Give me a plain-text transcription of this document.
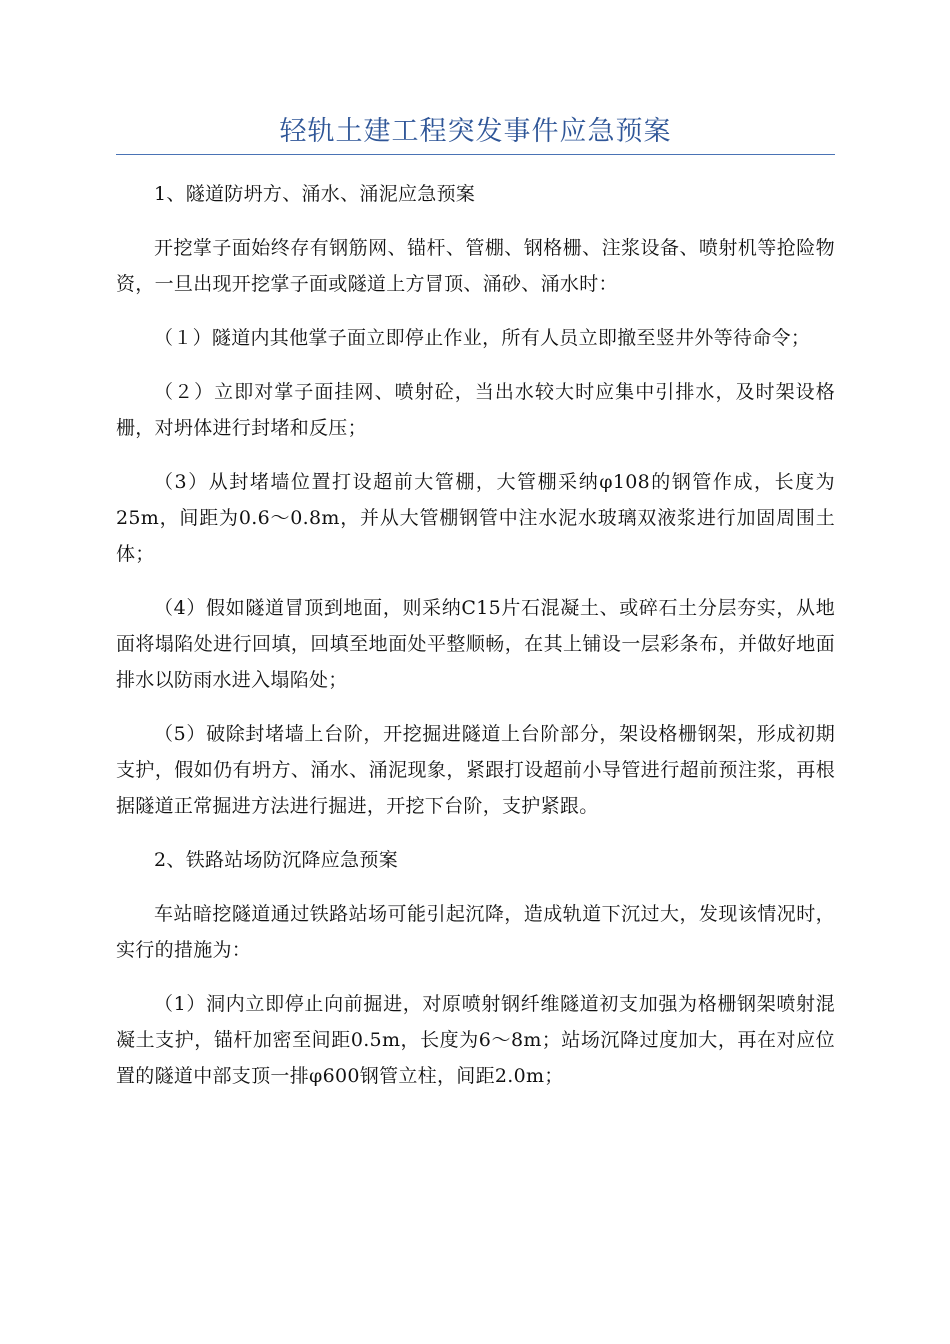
轻轨土建工程突发事件应急预案

1、隧道防坍方、涌水、涌泥应急预案

开挖掌子面始终存有钢筋网、锚杆、管棚、钢格栅、注浆设备、喷射机等抢险物资，一旦出现开挖掌子面或隧道上方冒顶、涌砂、涌水时：

（１）隧道内其他掌子面立即停止作业，所有人员立即撤至竖井外等待命令；

（２）立即对掌子面挂网、喷射砼，当出水较大时应集中引排水，及时架设格栅，对坍体进行封堵和反压；

（3）从封堵墙位置打设超前大管棚，大管棚采纳φ108的钢管作成，长度为25m，间距为0.6～0.8m，并从大管棚钢管中注水泥水玻璃双液浆进行加固周围土体；

（4）假如隧道冒顶到地面，则采纳C15片石混凝土、或碎石土分层夯实，从地面将塌陷处进行回填，回填至地面处平整顺畅，在其上铺设一层彩条布，并做好地面排水以防雨水进入塌陷处；

（5）破除封堵墙上台阶，开挖掘进隧道上台阶部分，架设格栅钢架，形成初期支护，假如仍有坍方、涌水、涌泥现象，紧跟打设超前小导管进行超前预注浆，再根据隧道正常掘进方法进行掘进，开挖下台阶，支护紧跟。

2、铁路站场防沉降应急预案

车站暗挖隧道通过铁路站场可能引起沉降，造成轨道下沉过大，发现该情况时，实行的措施为：

（1）洞内立即停止向前掘进，对原喷射钢纤维隧道初支加强为格栅钢架喷射混凝土支护，锚杆加密至间距0.5m，长度为6～8m；站场沉降过度加大，再在对应位置的隧道中部支顶一排φ600钢管立柱，间距2.0m；
